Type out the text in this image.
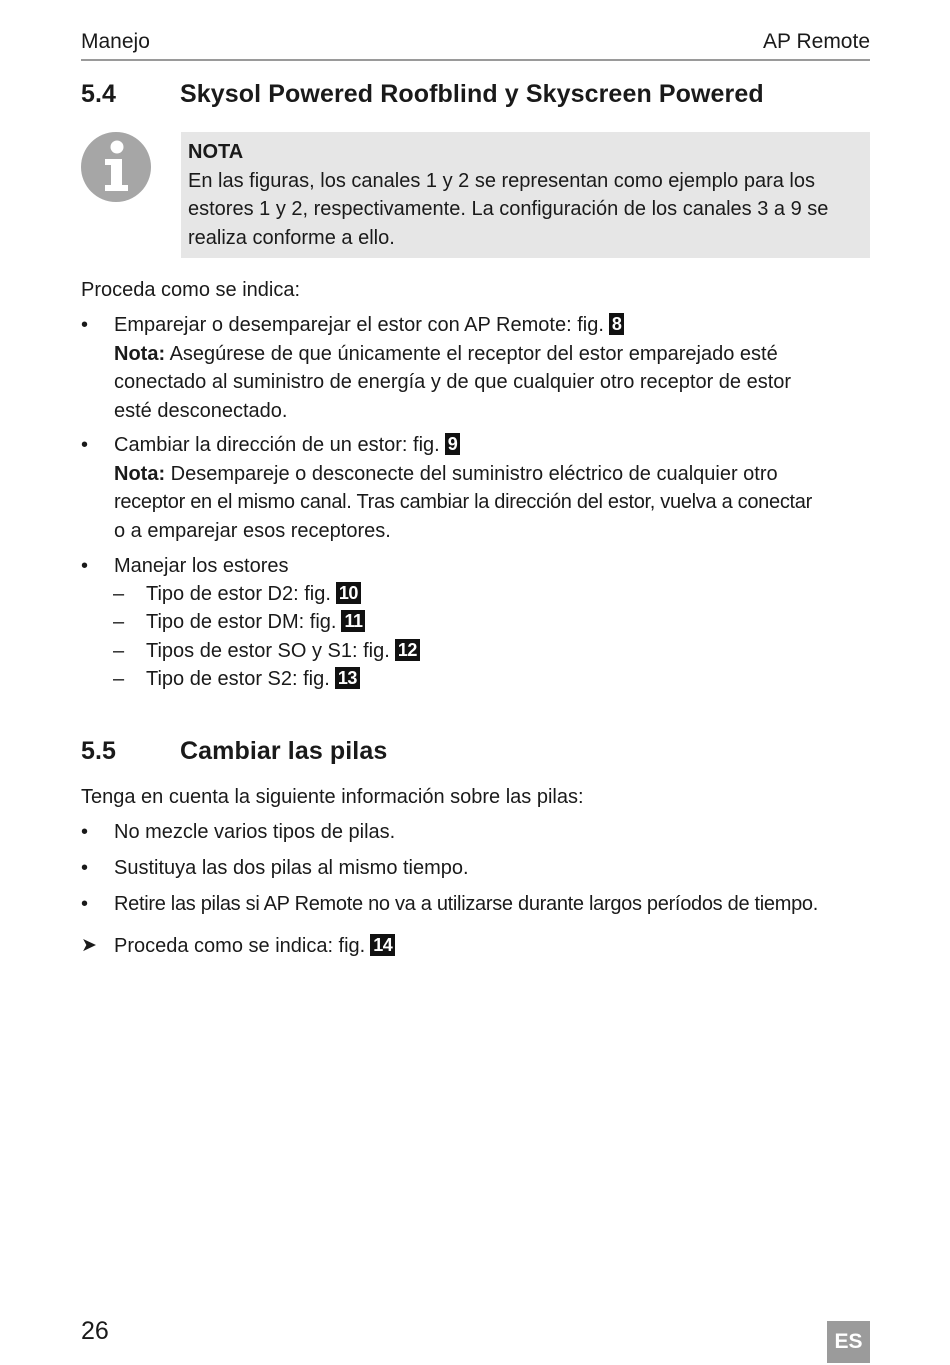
Manejo	AP Remote
5.4	Skysol Powered Roofblind y Skyscreen Powered
NOTA
En las figuras, los canales 1 y 2 se representan como ejemplo para los
estores 1 y 2, respectivamente. La configuración de los canales 3 a 9 se
realiza conforme a ello.
Proceda como se indica:
•	Emparejar o desemparejar el estor con AP Remote: fig. 8
Nota: Asegúrese de que únicamente el receptor del estor emparejado esté
conectado al suministro de energía y de que cualquier otro receptor de estor
esté desconectado.
•	Cambiar la dirección de un estor: fig. 9
Nota: Desempareje o desconecte del suministro eléctrico de cualquier otro
receptor en el mismo canal. Tras cambiar la dirección del estor, vuelva a conectar
o a emparejar esos receptores.
•	Manejar los estores
– Tipo de estor D2: fig. 10
– Tipo de estor DM: fig. 11
– Tipos de estor SO y S1: fig. 12
– Tipo de estor S2: fig. 13
5.5	Cambiar las pilas
Tenga en cuenta la siguiente información sobre las pilas:
•	No mezcle varios tipos de pilas.
•	Sustituya las dos pilas al mismo tiempo.
•	Retire las pilas si AP Remote no va a utilizarse durante largos períodos de tiempo.
➤ Proceda como se indica: fig. 14
26	ES
